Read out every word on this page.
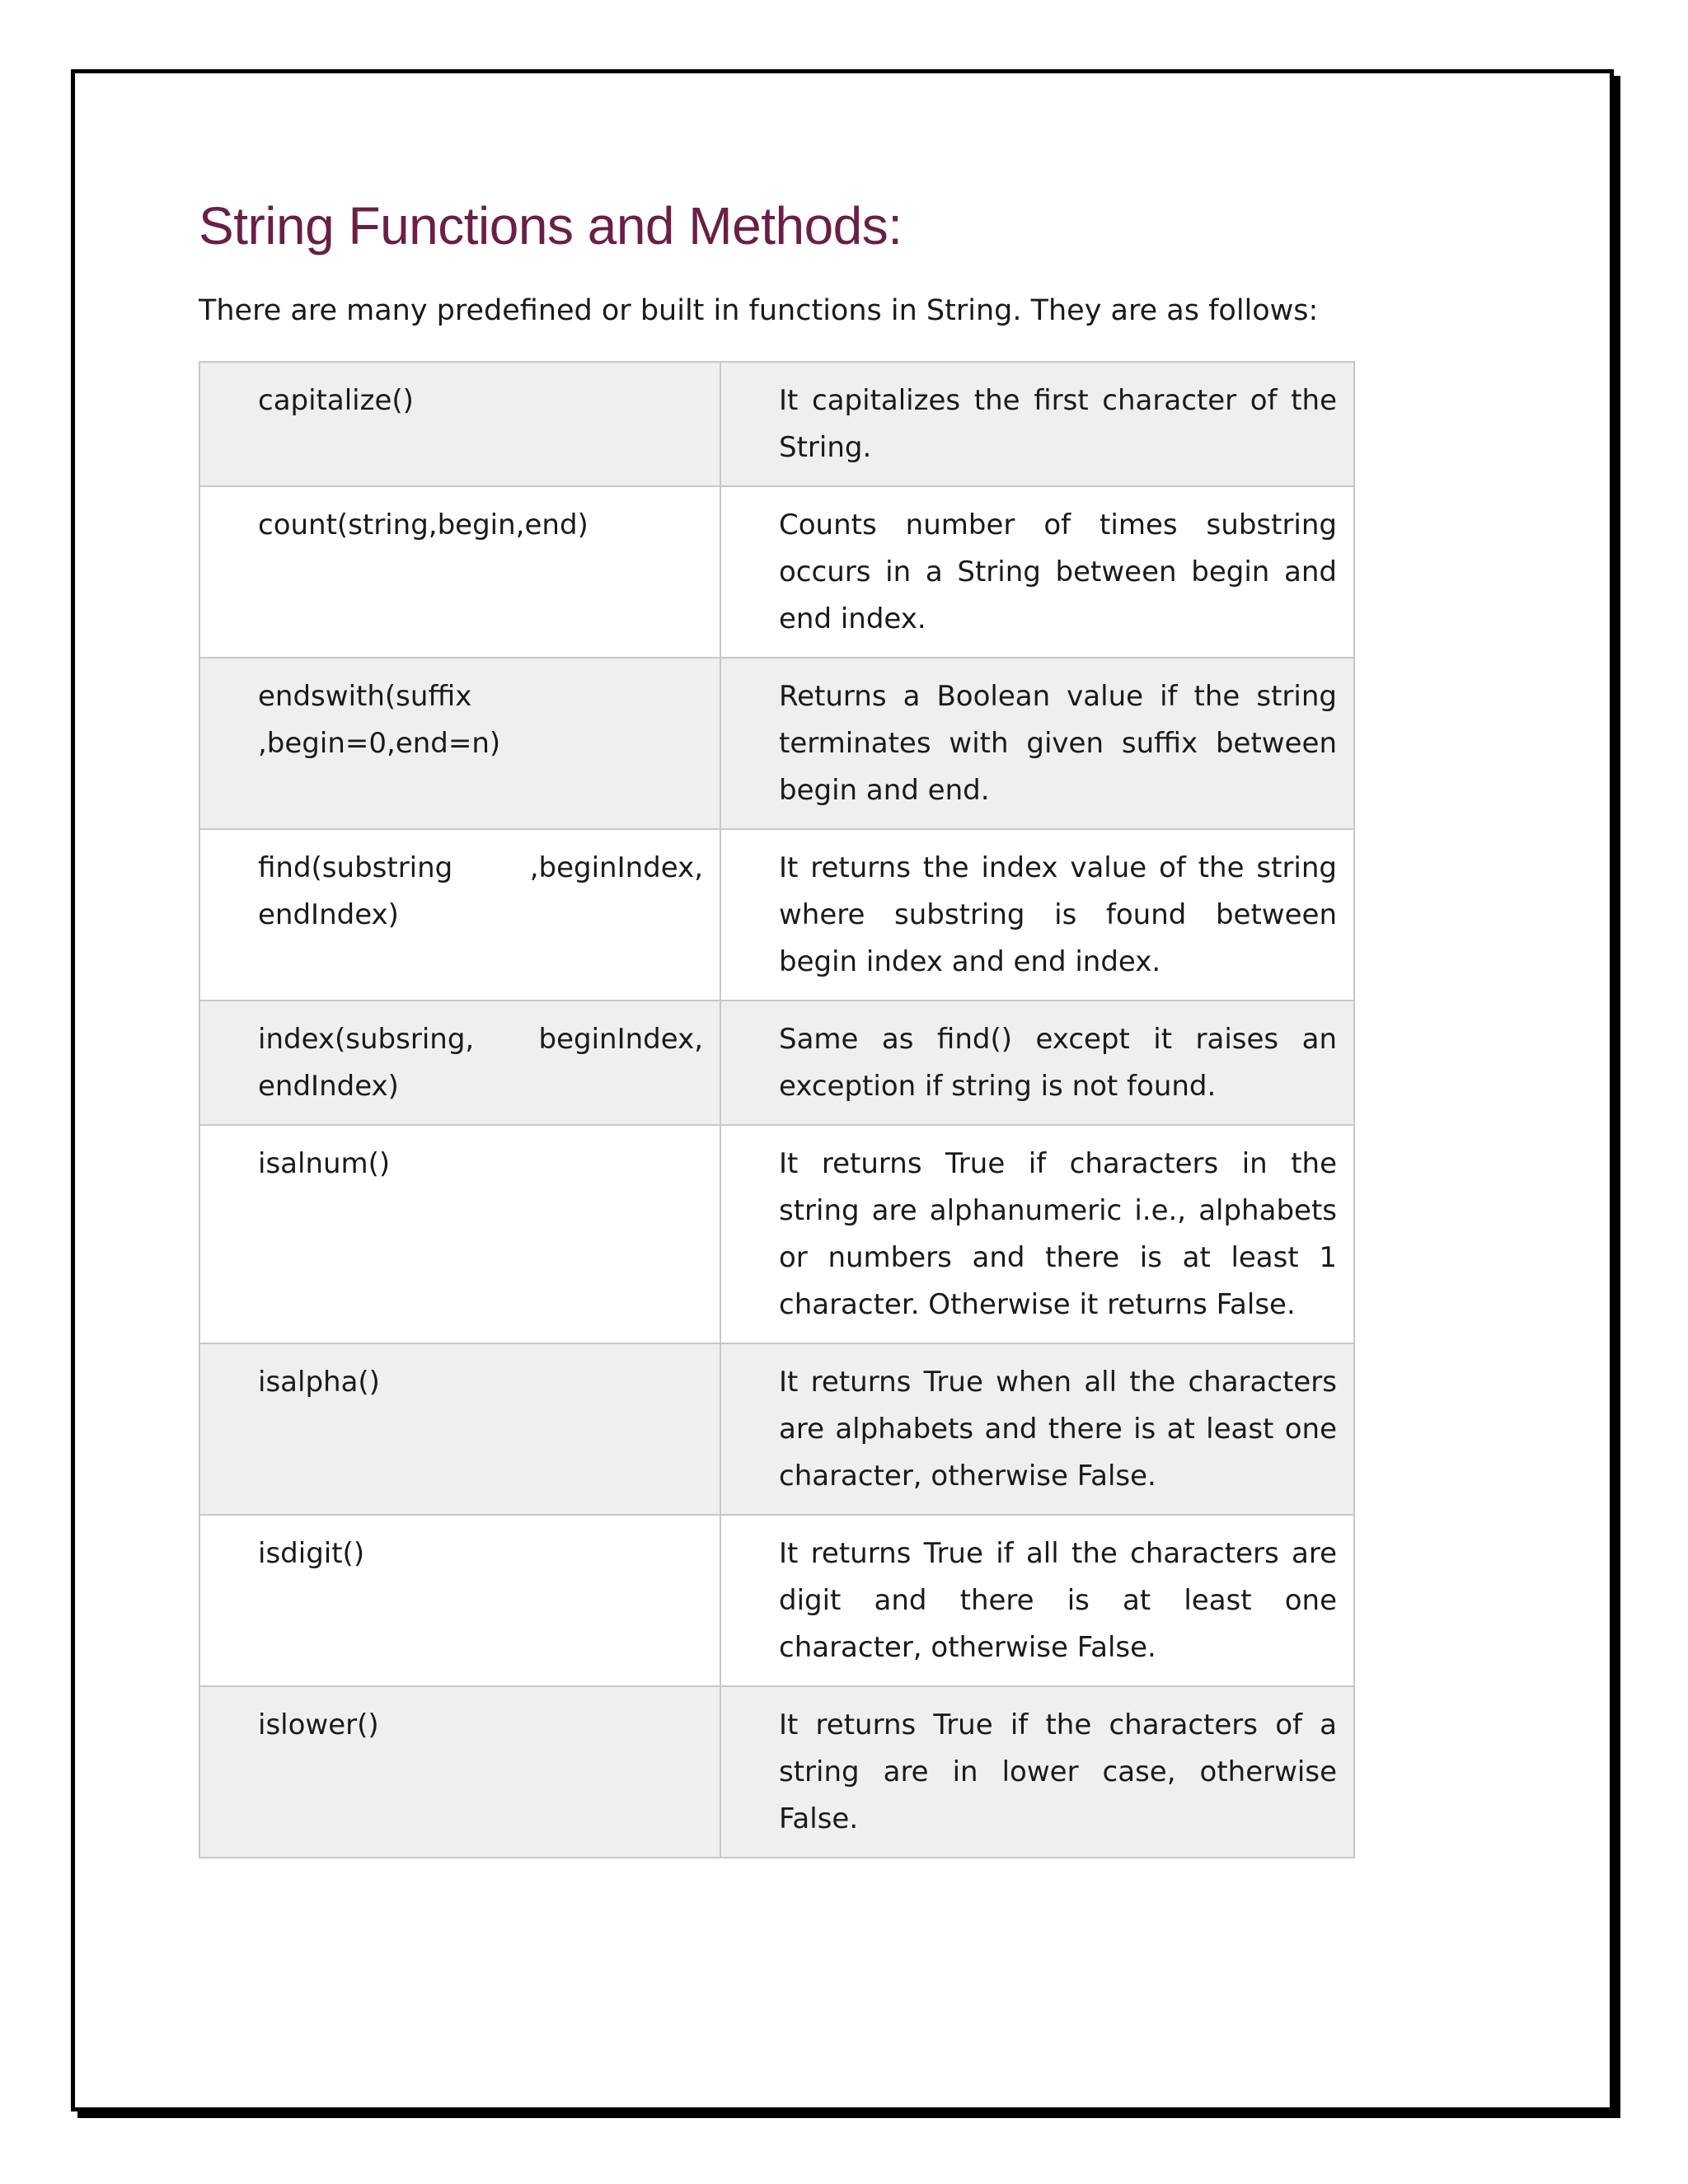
String Functions and Methods:

There are many predefined or built in functions in String. They are as follows:

capitalize()	It capitalizes the first character of the String.
count(string,begin,end)	Counts number of times substring occurs in a String between begin and end index.
endswith(suffix ,begin=0,end=n)	Returns a Boolean value if the string terminates with given suffix between begin and end.
find(substring ,beginIndex, endIndex)	It returns the index value of the string where substring is found between begin index and end index.
index(subsring, beginIndex, endIndex)	Same as find() except it raises an exception if string is not found.
isalnum()	It returns True if characters in the string are alphanumeric i.e., alphabets or numbers and there is at least 1 character. Otherwise it returns False.
isalpha()	It returns True when all the characters are alphabets and there is at least one character, otherwise False.
isdigit()	It returns True if all the characters are digit and there is at least one character, otherwise False.
islower()	It returns True if the characters of a string are in lower case, otherwise False.
